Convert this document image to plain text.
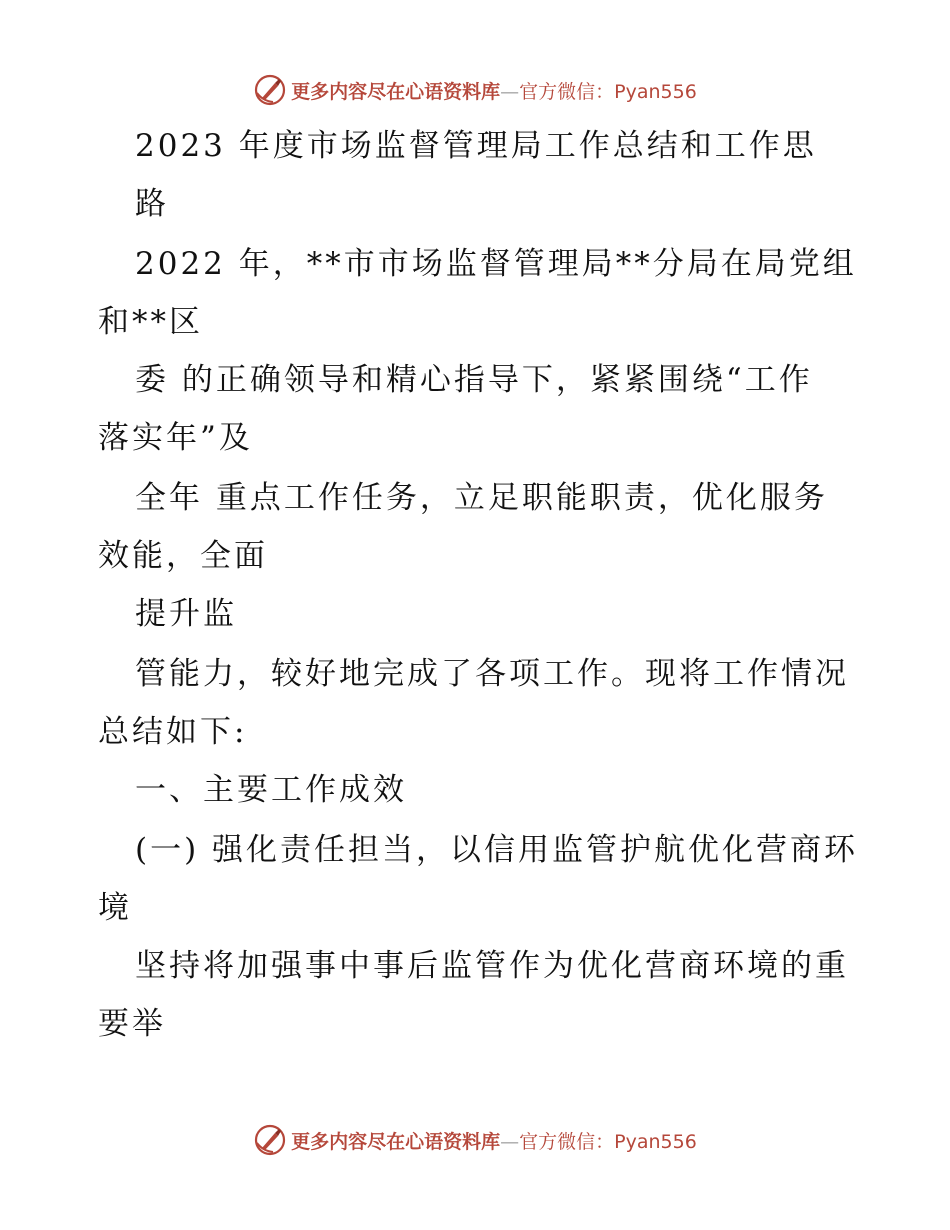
更多内容尽在心语资料库—官方微信：Pyan556
2023 年度市场监督管理局工作总结和工作思
路
2022 年，**市市场监督管理局**分局在局党组
和**区
委 的正确领导和精心指导下，紧紧围绕“工作
落实年”及
全年 重点工作任务，立足职能职责，优化服务
效能，全面
提升监
管能力，较好地完成了各项工作。现将工作情况
总结如下:
一、主要工作成效
(一) 强化责任担当，以信用监管护航优化营商环
境
坚持将加强事中事后监管作为优化营商环境的重
要举
更多内容尽在心语资料库—官方微信：Pyan556
